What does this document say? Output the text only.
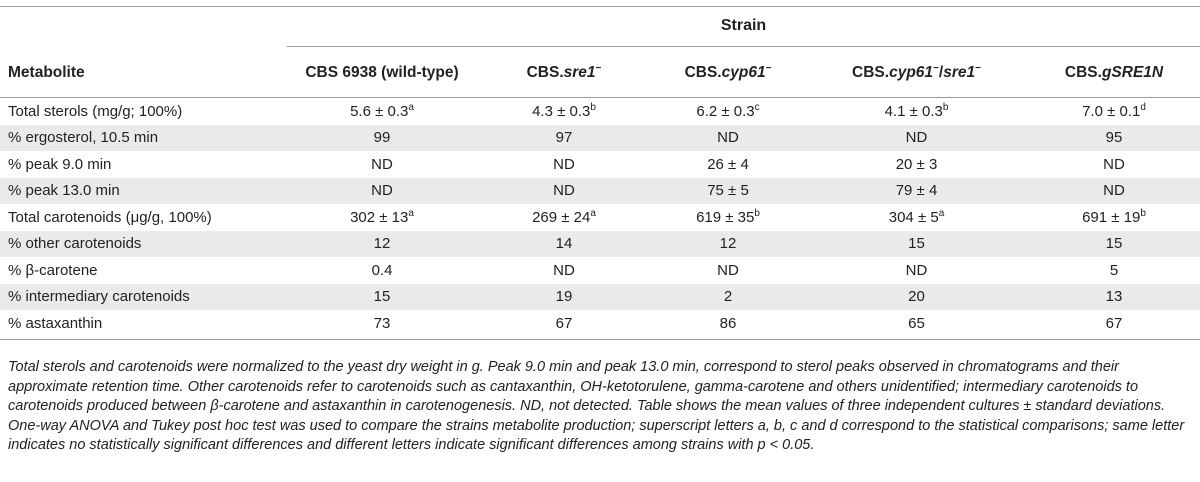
	Strain				
Metabolite	CBS 6938 (wild-type)	CBS.sre1−	CBS.cyp61−	CBS.cyp61−/sre1−	CBS.gSRE1N
Total sterols (mg/g; 100%)	5.6 ± 0.3$^a$	4.3 ± 0.3$^b$	6.2 ± 0.3$^c$	4.1 ± 0.3$^b$	7.0 ± 0.1$^d$
% ergosterol, 10.5 min	99	97	ND	ND	95
% peak 9.0 min	ND	ND	26 ± 4	20 ± 3	ND
% peak 13.0 min	ND	ND	75 ± 5	79 ± 4	ND
Total carotenoids (μg/g, 100%)	$302 \pm 13^a$	$269 \pm 24^a$	$619 \pm 35^b$	$304 \pm 5^a$	$691 \pm 19^b$
% other carotenoids	12	14	12	15	15
% β-carotene	0.4	ND	ND	ND	5
% intermediary carotenoids	15	19	2	20	13
% astaxanthin	73	67	86	65	67
Total sterols and carotenoids were normalized to the yeast dry weight in g. Peak 9.0 min and peak 13.0 min, correspond to sterol peaks observed in chromatograms and their approximate retention time. Other carotenoids refer to carotenoids such as cantaxanthin, OH-ketotorulene, gamma-carotene and others unidentified; intermediary carotenoids to carotenoids produced between β-carotene and astaxanthin in carotenogenesis. ND, not detected. Table shows the mean values of three independent cultures ± standard deviations. One-way ANOVA and Tukey post hoc test was used to compare the strains metabolite production; superscript letters a, b, c and d correspond to the statistical comparisons; same letter indicates no statistically significant differences and different letters indicate significant differences among strains with p < 0.05.
